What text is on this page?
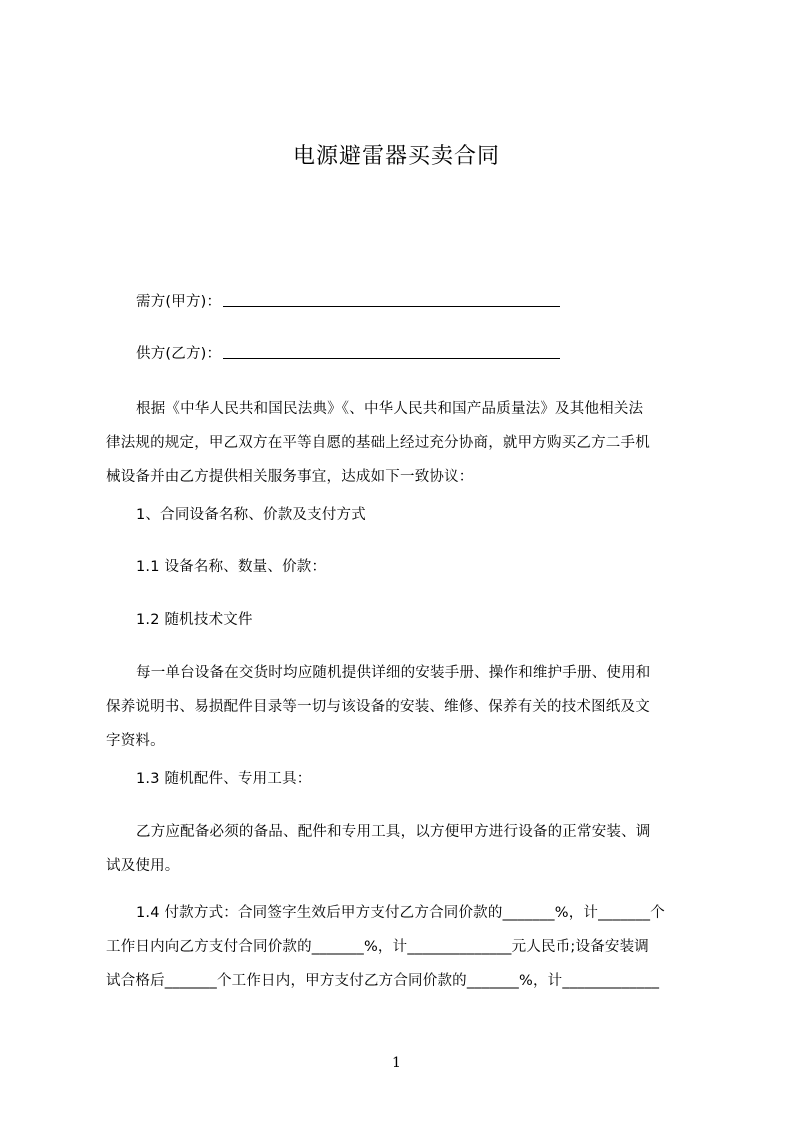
电源避雷器买卖合同
需方(甲方)：
供方(乙方)：
根据《中华人民共和国民法典》《、中华人民共和国产品质量法》及其他相关法
律法规的规定，甲乙双方在平等自愿的基础上经过充分协商，就甲方购买乙方二手机
械设备并由乙方提供相关服务事宜，达成如下一致协议：
1、合同设备名称、价款及支付方式
1.1 设备名称、数量、价款：
1.2 随机技术文件
每一单台设备在交货时均应随机提供详细的安装手册、操作和维护手册、使用和
保养说明书、易损配件目录等一切与该设备的安装、维修、保养有关的技术图纸及文
字资料。
1.3 随机配件、专用工具：
乙方应配备必须的备品、配件和专用工具，以方便甲方进行设备的正常安装、调
试及使用。
1.4 付款方式：合同签字生效后甲方支付乙方合同价款的_______%，计_______个
工作日内向乙方支付合同价款的_______%，计______________元人民币;设备安装调
试合格后_______个工作日内，甲方支付乙方合同价款的_______%，计_____________
1
